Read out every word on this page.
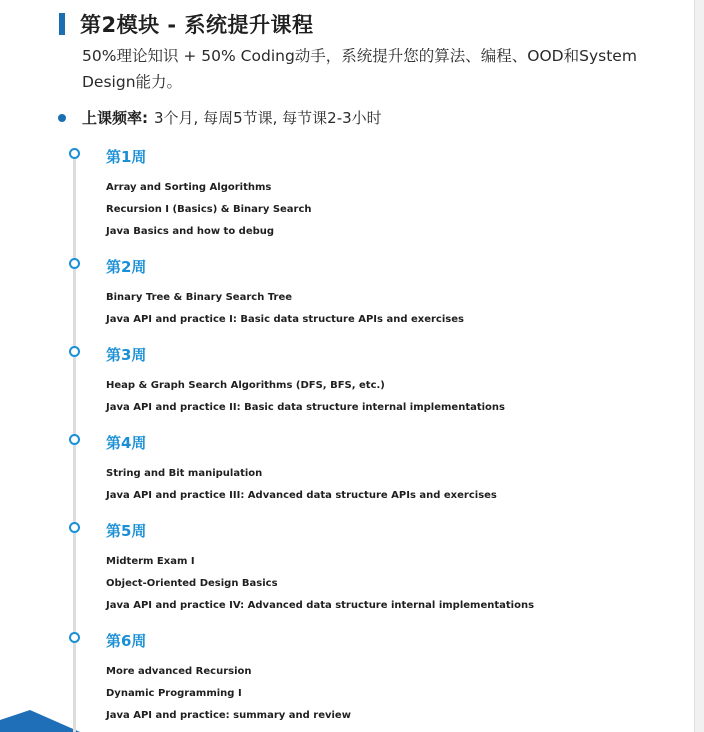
第2模块 - 系统提升课程

50%理论知识 + 50% Coding动手，系统提升您的算法、编程、OOD和System Design能力。

上课频率: 3个月, 每周5节课, 每节课2-3小时
第1周
Array and Sorting Algorithms
Recursion I (Basics) & Binary Search
Java Basics and how to debug
第2周
Binary Tree & Binary Search Tree
Java API and practice I: Basic data structure APIs and exercises
第3周
Heap & Graph Search Algorithms (DFS, BFS, etc.)
Java API and practice II: Basic data structure internal implementations
第4周
String and Bit manipulation
Java API and practice III: Advanced data structure APIs and exercises
第5周
Midterm Exam I
Object-Oriented Design Basics
Java API and practice IV: Advanced data structure internal implementations
第6周
More advanced Recursion
Dynamic Programming I
Java API and practice: summary and review
